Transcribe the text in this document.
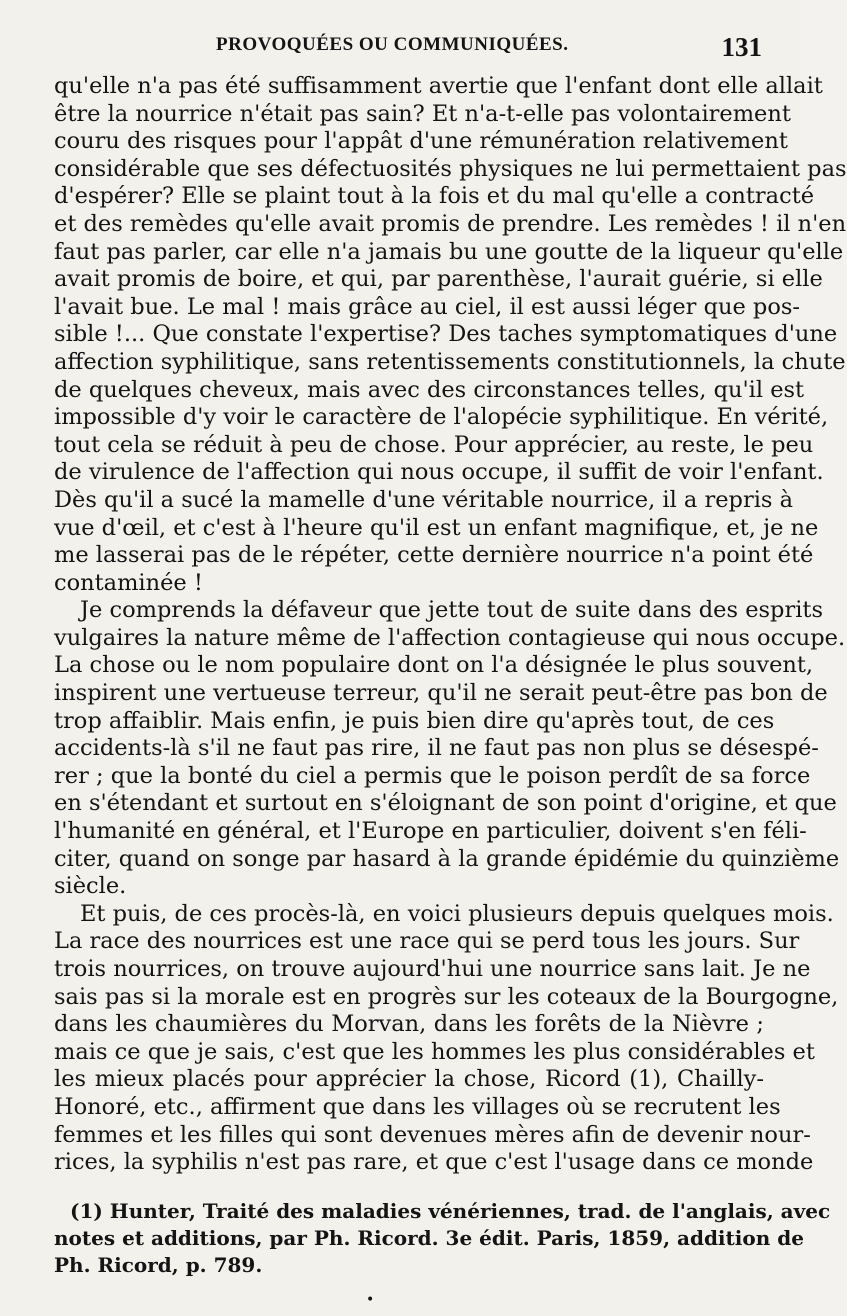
PROVOQUÉES OU COMMUNIQUÉES.	131
qu'elle n'a pas été suffisamment avertie que l'enfant dont elle allait
être la nourrice n'était pas sain? Et n'a-t-elle pas volontairement
couru des risques pour l'appât d'une rémunération relativement
considérable que ses défectuosités physiques ne lui permettaient pas
d'espérer? Elle se plaint tout à la fois et du mal qu'elle a contracté
et des remèdes qu'elle avait promis de prendre. Les remèdes ! il n'en
faut pas parler, car elle n'a jamais bu une goutte de la liqueur qu'elle
avait promis de boire, et qui, par parenthèse, l'aurait guérie, si elle
l'avait bue. Le mal ! mais grâce au ciel, il est aussi léger que pos-
sible !... Que constate l'expertise? Des taches symptomatiques d'une
affection syphilitique, sans retentissements constitutionnels, la chute
de quelques cheveux, mais avec des circonstances telles, qu'il est
impossible d'y voir le caractère de l'alopécie syphilitique. En vérité,
tout cela se réduit à peu de chose. Pour apprécier, au reste, le peu
de virulence de l'affection qui nous occupe, il suffit de voir l'enfant.
Dès qu'il a sucé la mamelle d'une véritable nourrice, il a repris à
vue d'œil, et c'est à l'heure qu'il est un enfant magnifique, et, je ne
me lasserai pas de le répéter, cette dernière nourrice n'a point été
contaminée !
Je comprends la défaveur que jette tout de suite dans des esprits
vulgaires la nature même de l'affection contagieuse qui nous occupe.
La chose ou le nom populaire dont on l'a désignée le plus souvent,
inspirent une vertueuse terreur, qu'il ne serait peut-être pas bon de
trop affaiblir. Mais enfin, je puis bien dire qu'après tout, de ces
accidents-là s'il ne faut pas rire, il ne faut pas non plus se désespé-
rer ; que la bonté du ciel a permis que le poison perdît de sa force
en s'étendant et surtout en s'éloignant de son point d'origine, et que
l'humanité en général, et l'Europe en particulier, doivent s'en féli-
citer, quand on songe par hasard à la grande épidémie du quinzième
siècle.
Et puis, de ces procès-là, en voici plusieurs depuis quelques mois.
La race des nourrices est une race qui se perd tous les jours. Sur
trois nourrices, on trouve aujourd'hui une nourrice sans lait. Je ne
sais pas si la morale est en progrès sur les coteaux de la Bourgogne,
dans les chaumières du Morvan, dans les forêts de la Nièvre ;
mais ce que je sais, c'est que les hommes les plus considérables et
les mieux placés pour apprécier la chose, Ricord (1), Chailly-
Honoré, etc., affirment que dans les villages où se recrutent les
femmes et les filles qui sont devenues mères afin de devenir nour-
rices, la syphilis n'est pas rare, et que c'est l'usage dans ce monde
(1) Hunter, Traité des maladies vénériennes, trad. de l'anglais, avec
notes et additions, par Ph. Ricord. 3e édit. Paris, 1859, addition de
Ph. Ricord, p. 789.
•
